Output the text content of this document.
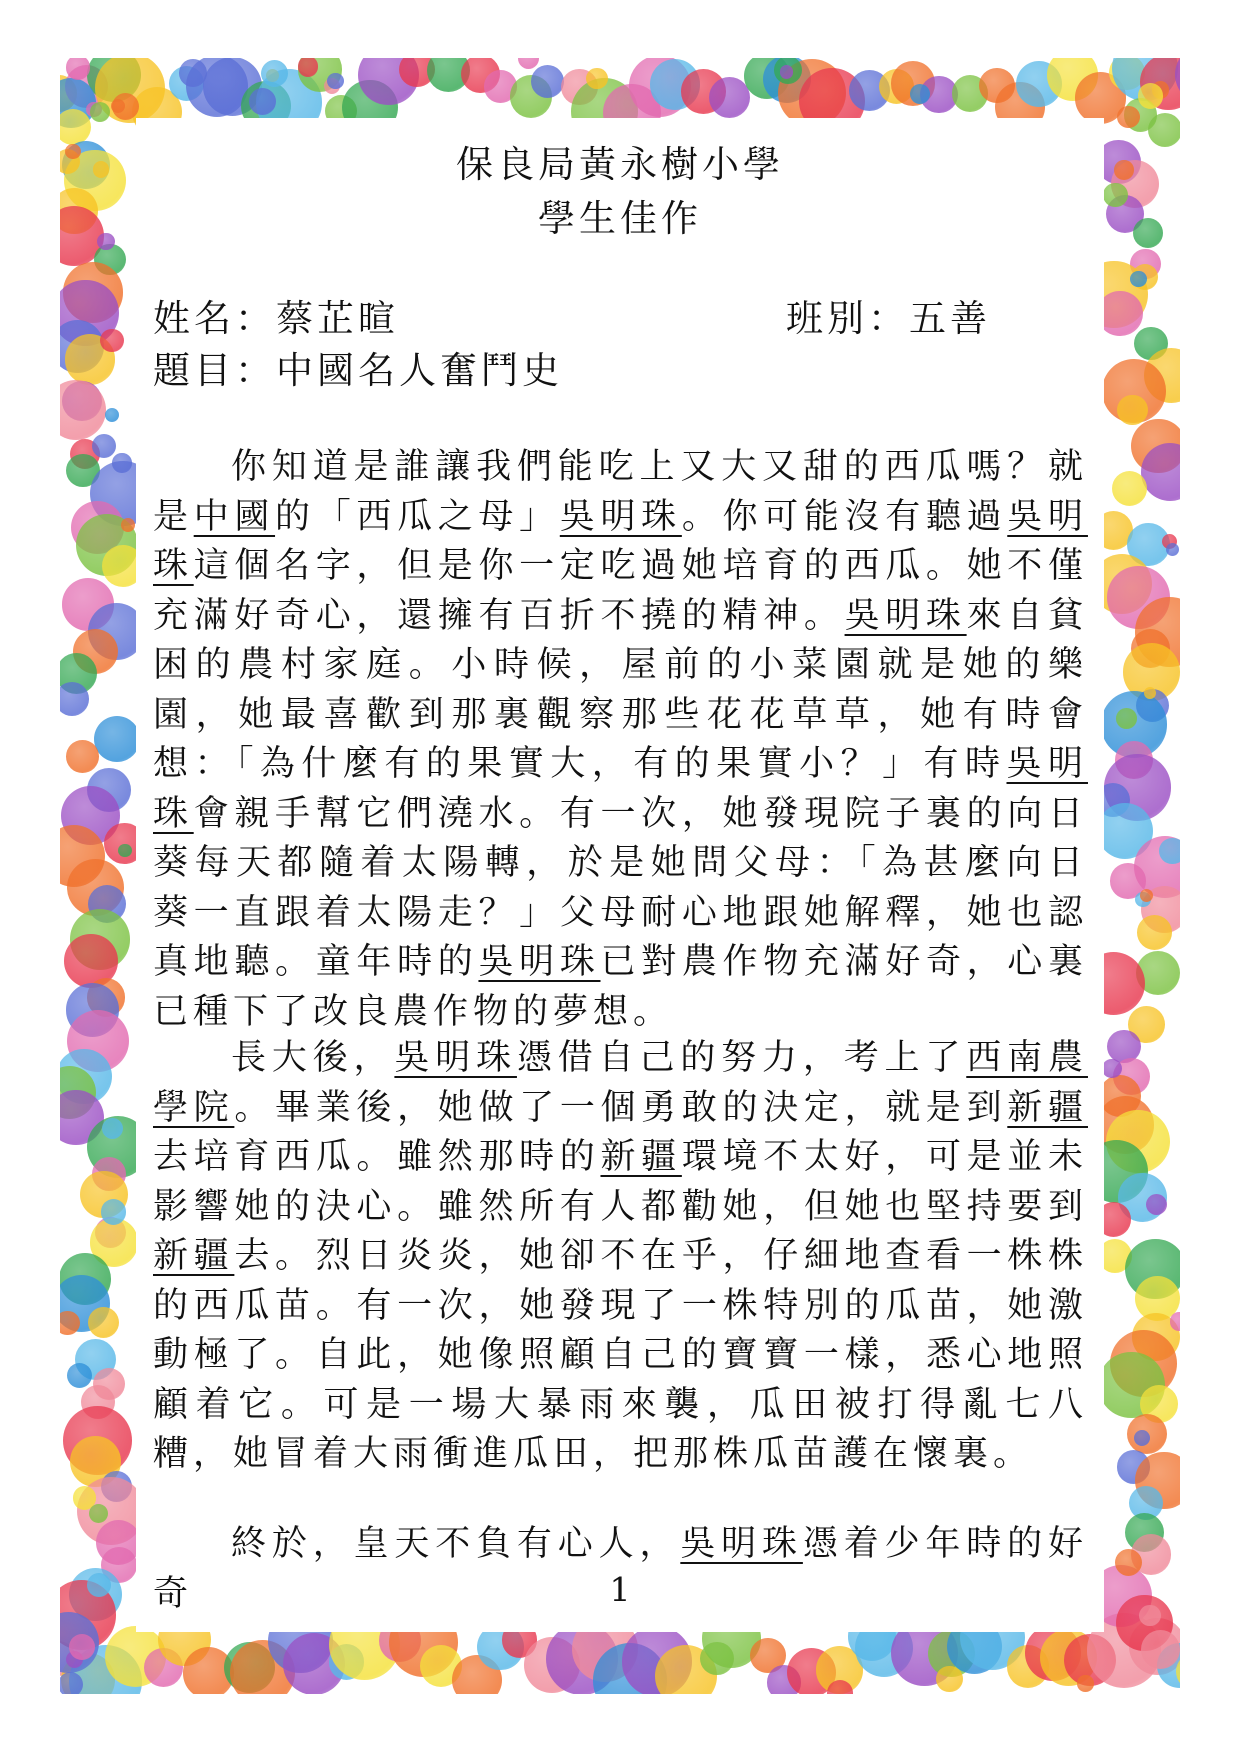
保良局黃永樹小學
學生佳作
姓名：蔡芷暄	班別：五善
題目：中國名人奮鬥史

你知道是誰讓我們能吃上又大又甜的西瓜嗎？就是中國的「西瓜之母」吳明珠。你可能沒有聽過吳明珠這個名字，但是你一定吃過她培育的西瓜。她不僅充滿好奇心，還擁有百折不撓的精神。吳明珠來自貧困的農村家庭。小時候，屋前的小菜園就是她的樂園，她最喜歡到那裏觀察那些花花草草，她有時會想：「為什麼有的果實大，有的果實小？」有時吳明珠會親手幫它們澆水。有一次，她發現院子裏的向日葵每天都隨着太陽轉，於是她問父母：「為甚麼向日葵一直跟着太陽走？」父母耐心地跟她解釋，她也認真地聽。童年時的吳明珠已對農作物充滿好奇，心裏已種下了改良農作物的夢想。

長大後，吳明珠憑借自己的努力，考上了西南農學院。畢業後，她做了一個勇敢的決定，就是到新疆去培育西瓜。雖然那時的新疆環境不太好，可是並未影響她的決心。雖然所有人都勸她，但她也堅持要到新疆去。烈日炎炎，她卻不在乎，仔細地查看一株株的西瓜苗。有一次，她發現了一株特別的瓜苗，她激動極了。自此，她像照顧自己的寶寶一樣，悉心地照顧着它。可是一場大暴雨來襲，瓜田被打得亂七八糟，她冒着大雨衝進瓜田，把那株瓜苗護在懷裏。

終於，皇天不負有心人，吳明珠憑着少年時的好奇	1
